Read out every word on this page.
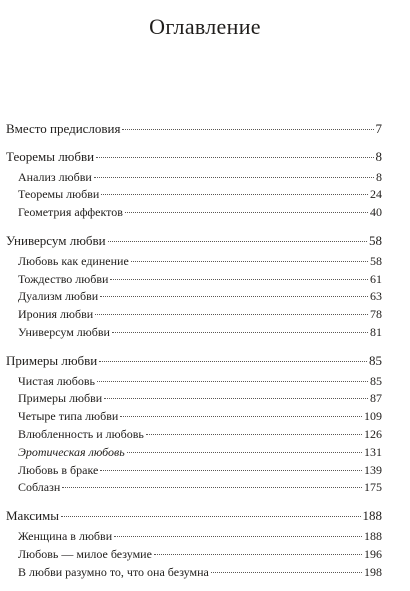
Оглавление
Вместо предисловия	7
Теоремы любви	8
Анализ любви	8
Теоремы любви	24
Геометрия аффектов	40
Универсум любви	58
Любовь как единение	58
Тождество любви	61
Дуализм любви	63
Ирония любви	78
Универсум любви	81
Примеры любви	85
Чистая любовь	85
Примеры любви	87
Четыре типа любви	109
Влюбленность и любовь	126
Эротическая любовь	131
Любовь в браке	139
Соблазн	175
Максимы	188
Женщина в любви	188
Любовь — милое безумие	196
В любви разумно то, что она безумна	198
